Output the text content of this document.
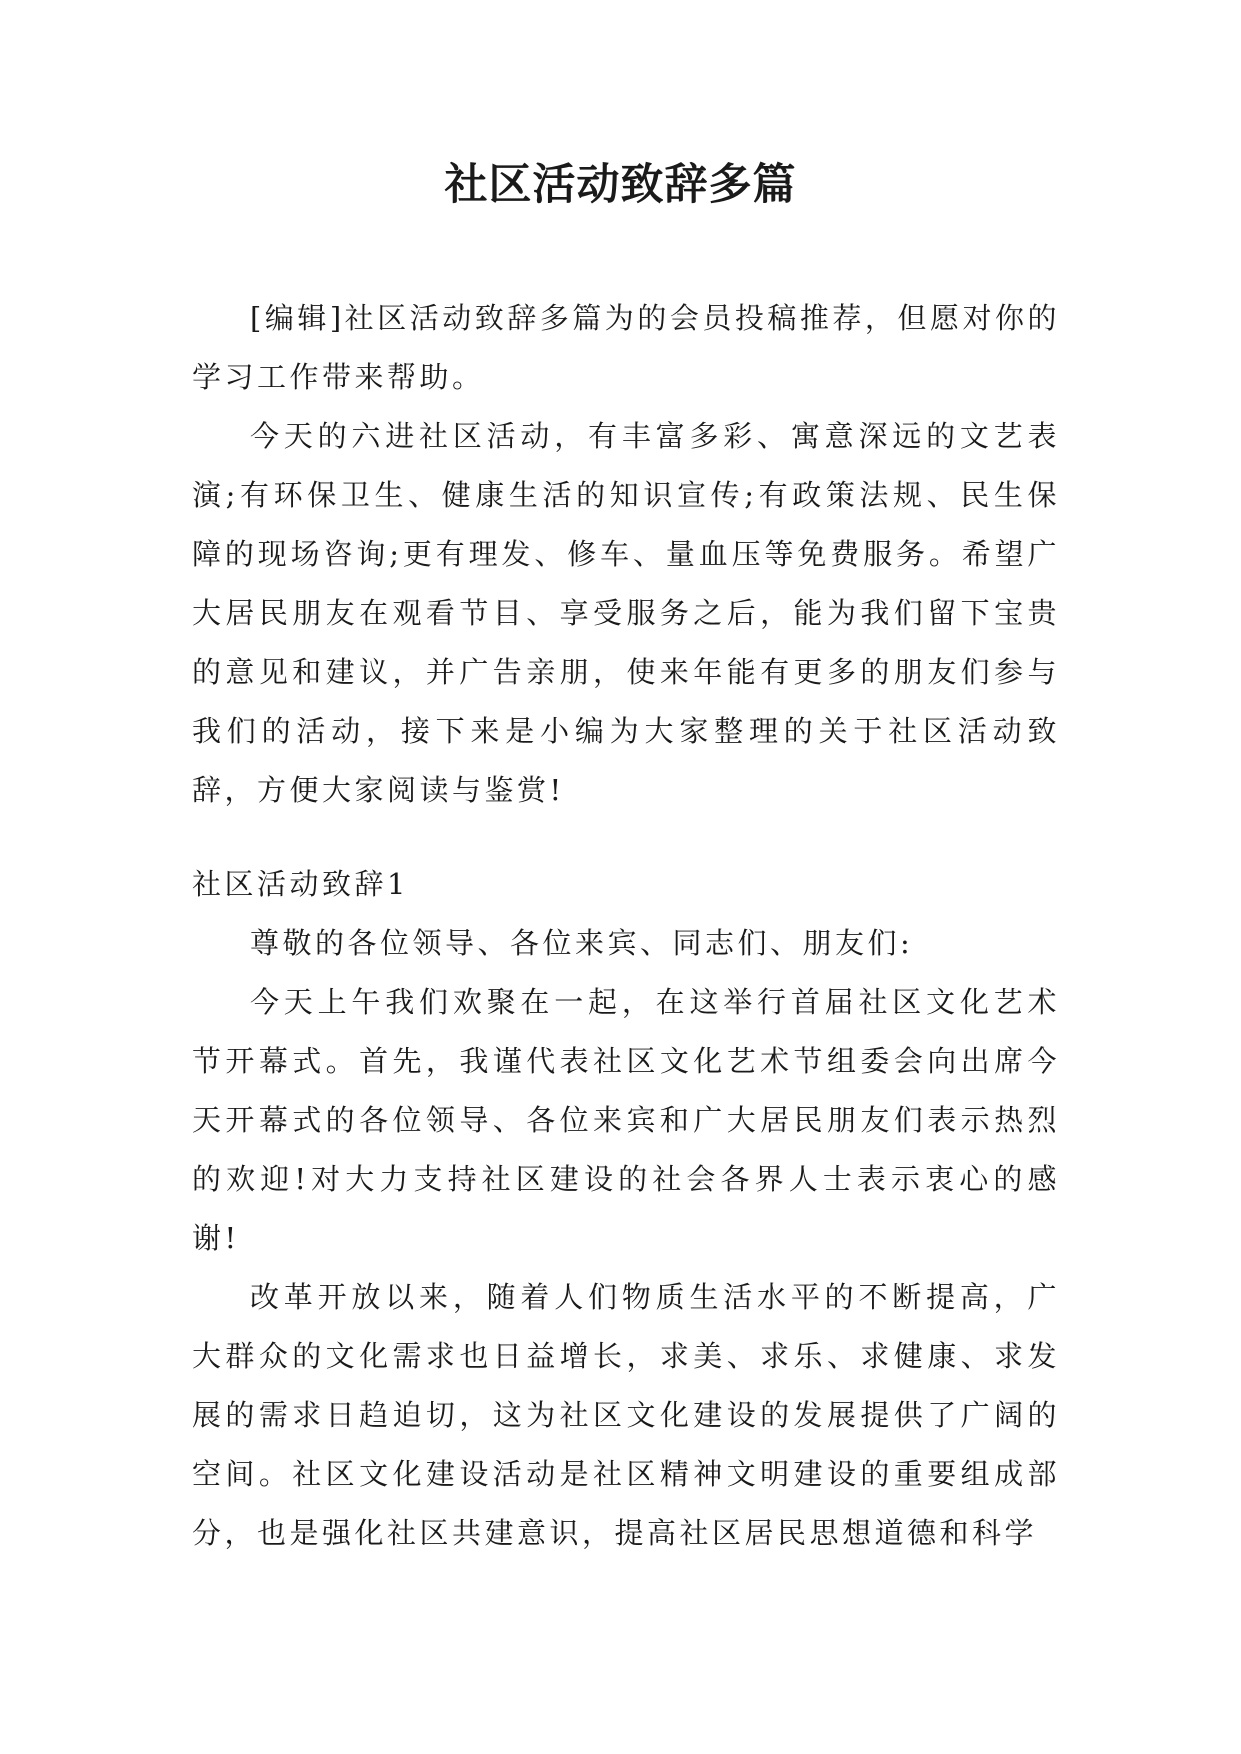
社区活动致辞多篇

[编辑]社区活动致辞多篇为的会员投稿推荐，但愿对你的学习工作带来帮助。

今天的六进社区活动，有丰富多彩、寓意深远的文艺表演;有环保卫生、健康生活的知识宣传;有政策法规、民生保障的现场咨询;更有理发、修车、量血压等免费服务。希望广大居民朋友在观看节目、享受服务之后，能为我们留下宝贵的意见和建议，并广告亲朋，使来年能有更多的朋友们参与我们的活动，接下来是小编为大家整理的关于社区活动致辞，方便大家阅读与鉴赏!

社区活动致辞1

尊敬的各位领导、各位来宾、同志们、朋友们:

今天上午我们欢聚在一起，在这举行首届社区文化艺术节开幕式。首先，我谨代表社区文化艺术节组委会向出席今天开幕式的各位领导、各位来宾和广大居民朋友们表示热烈的欢迎!对大力支持社区建设的社会各界人士表示衷心的感谢!

改革开放以来，随着人们物质生活水平的不断提高，广大群众的文化需求也日益增长，求美、求乐、求健康、求发展的需求日趋迫切，这为社区文化建设的发展提供了广阔的空间。社区文化建设活动是社区精神文明建设的重要组成部分，也是强化社区共建意识，提高社区居民思想道德和科学
